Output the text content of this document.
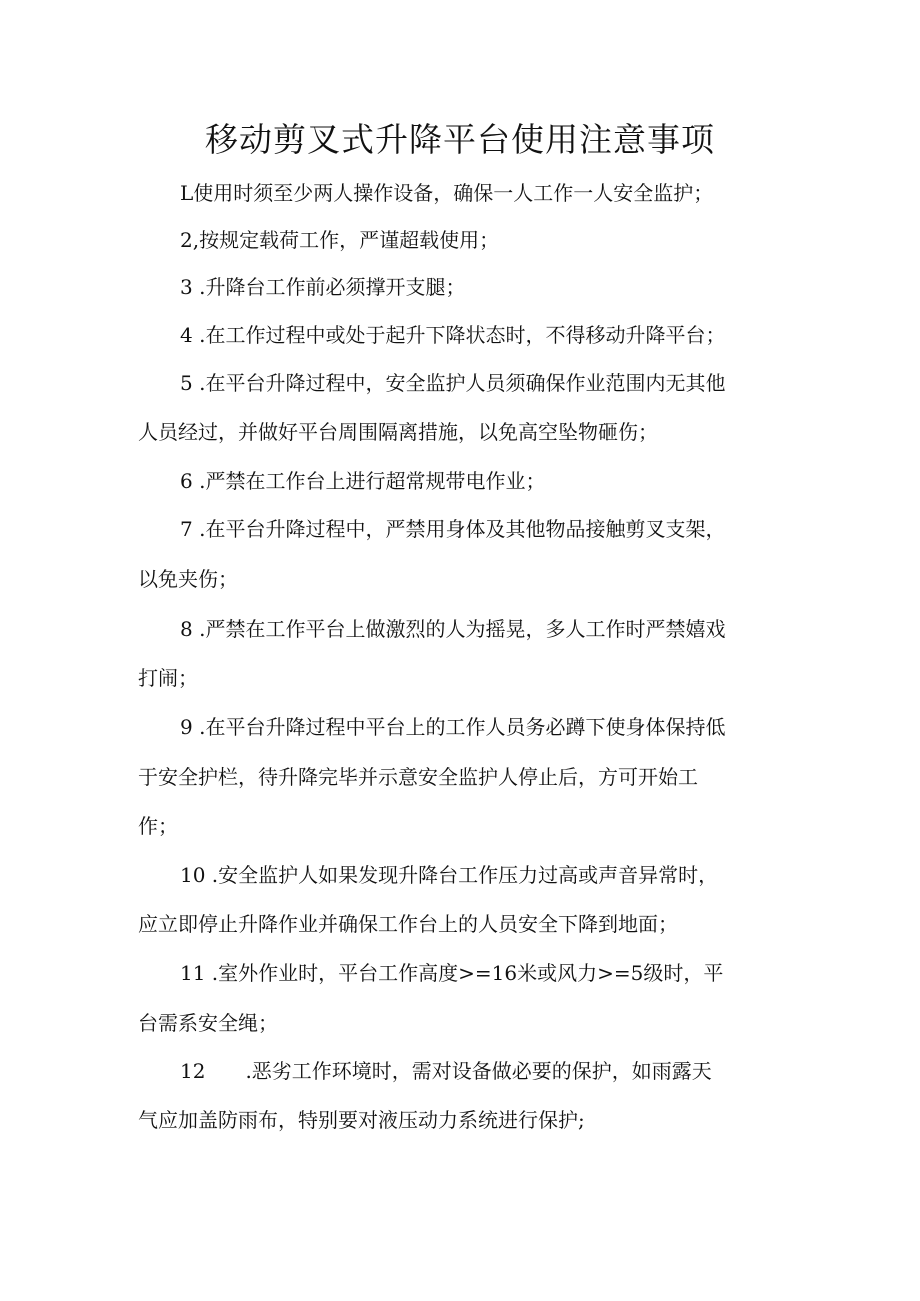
移动剪叉式升降平台使用注意事项

L使用时须至少两人操作设备，确保一人工作一人安全监护；

2,按规定载荷工作，严谨超载使用；

3 .升降台工作前必须撑开支腿；

4 .在工作过程中或处于起升下降状态时，不得移动升降平台；

5 .在平台升降过程中，安全监护人员须确保作业范围内无其他

人员经过，并做好平台周围隔离措施，以免高空坠物砸伤；

6 .严禁在工作台上进行超常规带电作业；

7 .在平台升降过程中，严禁用身体及其他物品接触剪叉支架，

以免夹伤；

8 .严禁在工作平台上做激烈的人为摇晃，多人工作时严禁嬉戏

打闹；

9 .在平台升降过程中平台上的工作人员务必蹲下使身体保持低

于安全护栏，待升降完毕并示意安全监护人停止后，方可开始工

作；

10 .安全监护人如果发现升降台工作压力过高或声音异常时，

应立即停止升降作业并确保工作台上的人员安全下降到地面；

11 .室外作业时，平台工作高度>=16米或风力>=5级时，平

台需系安全绳；

12 .恶劣工作环境时，需对设备做必要的保护，如雨露天

气应加盖防雨布，特别要对液压动力系统进行保护;
